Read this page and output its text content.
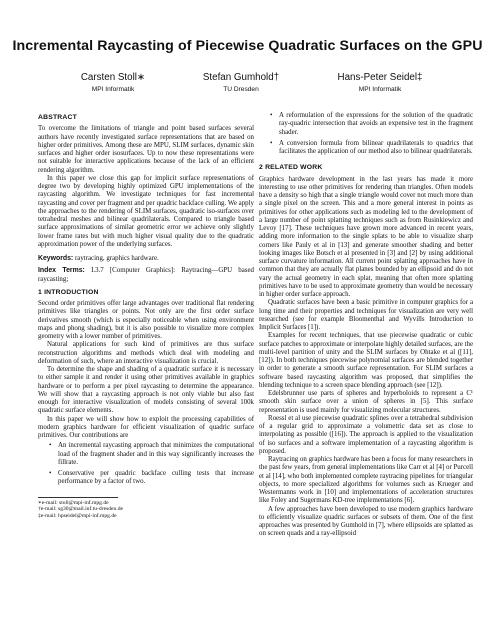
Incremental Raycasting of Piecewise Quadratic Surfaces on the GPU
Carsten Stoll∗
MPI Informatik
Stefan Gumhold†
TU Dresden
Hans-Peter Seidel‡
MPI Informatik
ABSTRACT

To overcome the limitations of triangle and point based surfaces several authors have recently investigated surface representations that are based on higher order primitives. Among these are MPU, SLIM surfaces, dynamic skin surfaces and higher order isosurfaces. Up to now these representations were not suitable for interactive applications because of the lack of an efficient rendering algorithm.

In this paper we close this gap for implicit surface representations of degree two by developing highly optimized GPU implementations of the raycasting algorithm. We investigate techniques for fast incremental raycasting and cover per fragment and per quadric backface culling. We apply the approaches to the rendering of SLIM surfaces, quadratic iso-surfaces over tetrahedral meshes and bilinear quadrilaterals. Compared to triangle based surface approximations of similar geometric error we achieve only slightly lower frame rates but with much higher visual quality due to the quadratic approximation power of the underlying surfaces.

Keywords: raytracing, graphics hardware.

Index Terms: I.3.7 [Computer Graphics]: Raytracing—GPU based raycasting;

1 INTRODUCTION

Second order primitives offer large advantages over traditional flat rendering primitives like triangles or points. Not only are the first order surface derivatives smooth (which is especially noticeable when using environment maps and phong shading), but it is also possible to visualize more complex geometry with a lower number of primitives.

Natural applications for such kind of primitives are thus surface reconstruction algorithms and methods which deal with modeling and deformation of such, where an interactive visualization is crucial.

To determine the shape and shading of a quadratic surface it is necessary to either sample it and render it using other primitives available in graphics hardware or to perform a per pixel raycasting to determine the appearance. We will show that a raycasting approach is not only viable but also fast enough for interactive visualization of models consisting of several 100k quadratic surface elements.

In this paper we will show how to exploit the processing capabilities of modern graphics hardware for efficient visualization of quadric surface primitives. Our contributions are

• An incremental raycasting approach that minimizes the computational load of the fragment shader and in this way significantly increases the fillrate.
• Conservative per quadric backface culling tests that increase performance by a factor of two.
∗e-mail: stoll@mpi-inf.mpg.de
†e-mail: sg30@mail.inf.tu-dresden.de
‡e-mail: hpseidel@mpi-inf.mpg.de
• A reformulation of the expressions for the solution of the quadratic ray-quadric intersection that avoids an expensive test in the fragment shader.
• A conversion formula from bilinear quadrilaterals to quadrics that facilitates the application of our method also to bilinear quadrilaterals.
2 RELATED WORK

Graphics hardware development in the last years has made it more interesting to use other primitives for rendering than triangles. Often models have a density so high that a single triangle would cover not much more than a single pixel on the screen. This and a more general interest in points as primitives for other applications such as modeling led to the development of a large number of point splatting techniques such as from Rusinkiewicz and Levoy [17]. These techniques have grown more advanced in recent years, adding more information to the single splats to be able to visualize sharp corners like Pauly et al in [13] and generate smoother shading and better looking images like Botsch et al presented in [3] and [2] by using additional surface curvature information. All current point splatting approaches have in common that they are actually flat planes bounded by an ellipsoid and do not vary the actual geometry in each splat, meaning that often more splatting primitives have to be used to approximate geometry than would be necessary in higher order surface approach.

Quadratic surfaces have been a basic primitive in computer graphics for a long time and their properties and techniques for visualization are very well researched (see for example Bloomenthal and Wyvills Introduction to Implicit Surfaces [1]).

Examples for recent techniques, that use piecewise quadratic or cubic surface patches to approximate or interpolate highly detailed surfaces, are the multi-level partition of unity and the SLIM surfaces by Ohtake et al ([11], [12]). In both techniques piecewise polynomial surfaces are blended together in order to generate a smooth surface representation. For SLIM surfaces a software based raycasting algorithm was proposed, that simplifies the blending technique to a screen space blending approach (see [12]).

Edelsbrunner use parts of spheres and hyperboloids to represent a C¹ smooth skin surface over a union of spheres in [5]. This surface representation is used mainly for visualizing molecular structures.

Roessl et al use piecewise quadratic splines over a tetrahedral subdivision of a regular grid to approximate a volumetric data set as close to interpolating as possible ([16]). The approach is applied to the visualization of iso surfaces and a software implementation of a raycasting algorithm is proposed.

Raytracing on graphics hardware has been a focus for many researchers in the past few years, from general implementations like Carr et al [4] or Purcell et al [14], who both implemented complete raytracing pipelines for triangular objects, to more specialized algorithms for volumes such as Krueger and Westermanns work in [10] and implementations of acceleration structures like Foley and Sugermans KD-tree implementations [6].

A few approaches have been developed to use modern graphics hardware to efficiently visualize quadric surfaces or subsets of them. One of the first approaches was presented by Gumhold in [7], where ellipsoids are splatted as on screen quads and a ray-ellipsoid
